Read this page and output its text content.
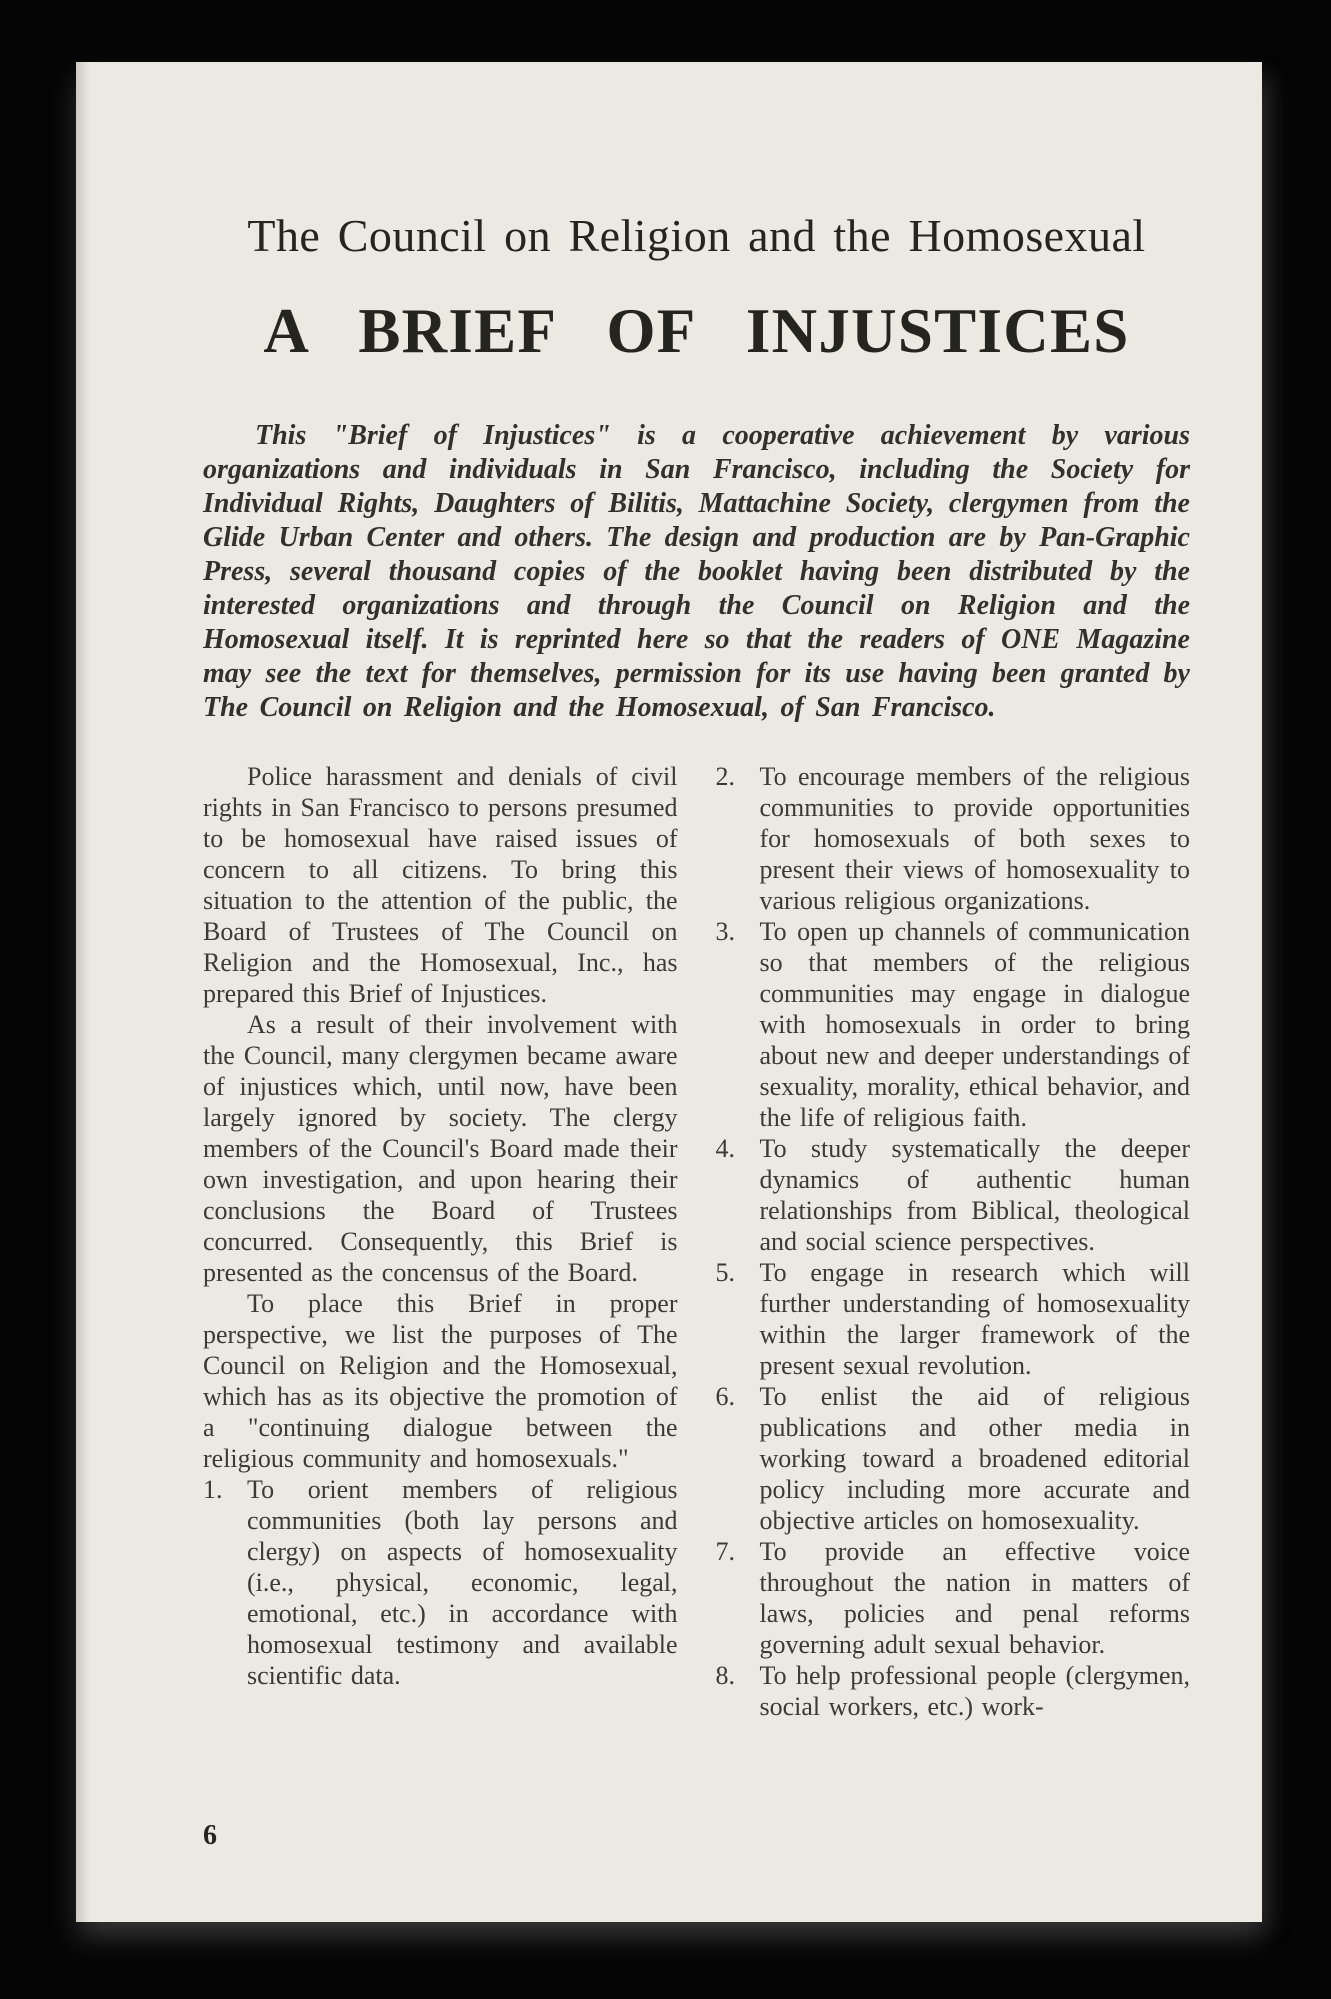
The Council on Religion and the Homosexual
A BRIEF OF INJUSTICES
This "Brief of Injustices" is a cooperative achievement by various organizations and individuals in San Francisco, including the Society for Individual Rights, Daughters of Bilitis, Mattachine Society, clergymen from the Glide Urban Center and others. The design and production are by Pan-Graphic Press, several thousand copies of the booklet having been distributed by the interested organizations and through the Council on Religion and the Homosexual itself. It is reprinted here so that the readers of ONE Magazine may see the text for themselves, permission for its use having been granted by The Council on Religion and the Homosexual, of San Francisco.

Police harassment and denials of civil rights in San Francisco to persons presumed to be homosexual have raised issues of concern to all citizens. To bring this situation to the attention of the public, the Board of Trustees of The Council on Religion and the Homosexual, Inc., has prepared this Brief of Injustices.

As a result of their involvement with the Council, many clergymen became aware of injustices which, until now, have been largely ignored by society. The clergy members of the Council's Board made their own investigation, and upon hearing their conclusions the Board of Trustees concurred. Consequently, this Brief is presented as the concensus of the Board.

To place this Brief in proper perspective, we list the purposes of The Council on Religion and the Homosexual, which has as its objective the promotion of a "continuing dialogue between the religious community and homosexuals."

1. To orient members of religious communities (both lay persons and clergy) on aspects of homosexuality (i.e., physical, economic, legal, emotional, etc.) in accordance with homosexual testimony and available scientific data.
2. To encourage members of the religious communities to provide opportunities for homosexuals of both sexes to present their views of homosexuality to various religious organizations.
3. To open up channels of communication so that members of the religious communities may engage in dialogue with homosexuals in order to bring about new and deeper understandings of sexuality, morality, ethical behavior, and the life of religious faith.
4. To study systematically the deeper dynamics of authentic human relationships from Biblical, theological and social science perspectives.
5. To engage in research which will further understanding of homosexuality within the larger framework of the present sexual revolution.
6. To enlist the aid of religious publications and other media in working toward a broadened editorial policy including more accurate and objective articles on homosexuality.
7. To provide an effective voice throughout the nation in matters of laws, policies and penal reforms governing adult sexual behavior.
8. To help professional people (clergymen, social workers, etc.) work-
6
